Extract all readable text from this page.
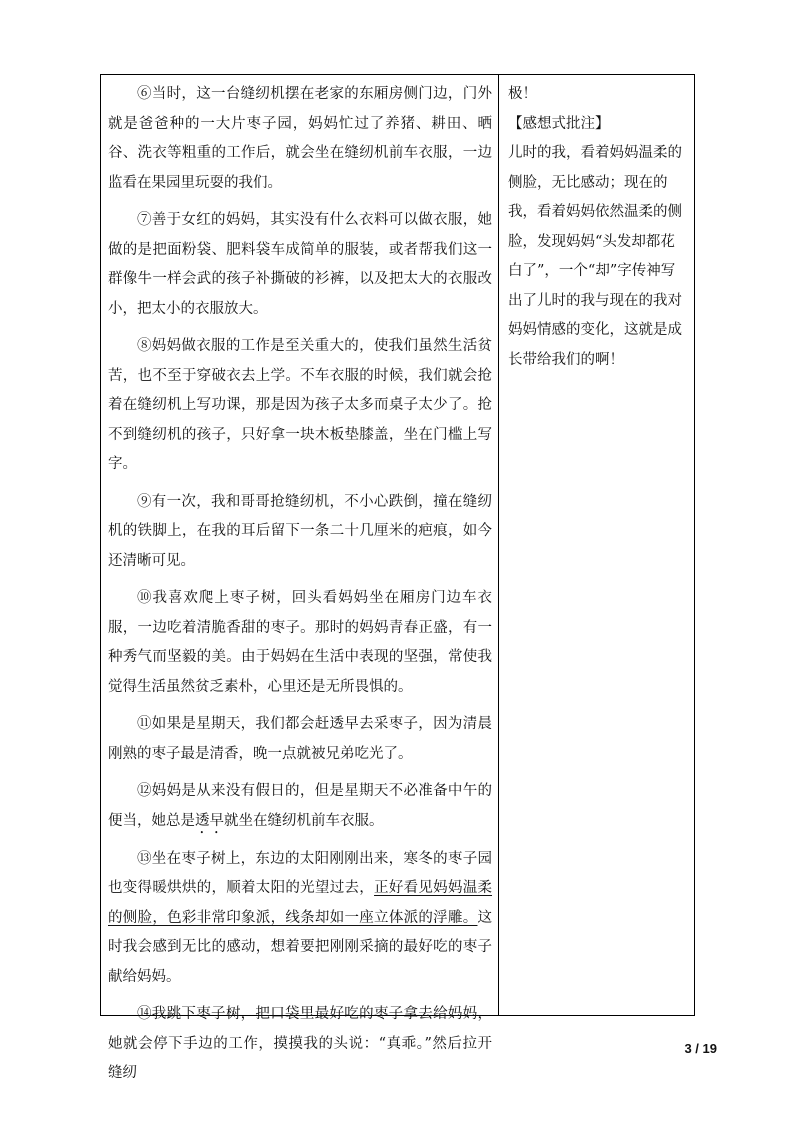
⑥当时，这一台缝纫机摆在老家的东厢房侧门边，门外就是爸爸种的一大片枣子园，妈妈忙过了养猪、耕田、晒谷、洗衣等粗重的工作后，就会坐在缝纫机前车衣服，一边监看在果园里玩耍的我们。

⑦善于女红的妈妈，其实没有什么衣料可以做衣服，她做的是把面粉袋、肥料袋车成简单的服装，或者帮我们这一群像牛一样会武的孩子补撕破的衫裤，以及把太大的衣服改小，把太小的衣服放大。

⑧妈妈做衣服的工作是至关重大的，使我们虽然生活贫苦，也不至于穿破衣去上学。不车衣服的时候，我们就会抢着在缝纫机上写功课，那是因为孩子太多而桌子太少了。抢不到缝纫机的孩子，只好拿一块木板垫膝盖，坐在门槛上写字。

⑨有一次，我和哥哥抢缝纫机，不小心跌倒，撞在缝纫机的铁脚上，在我的耳后留下一条二十几厘米的疤痕，如今还清晰可见。

⑩我喜欢爬上枣子树，回头看妈妈坐在厢房门边车衣服，一边吃着清脆香甜的枣子。那时的妈妈青春正盛，有一种秀气而坚毅的美。由于妈妈在生活中表现的坚强，常使我觉得生活虽然贫乏素朴，心里还是无所畏惧的。

⑪如果是星期天，我们都会赶透早去采枣子，因为清晨刚熟的枣子最是清香，晚一点就被兄弟吃光了。

⑫妈妈是从来没有假日的，但是星期天不必准备中午的便当，她总是透早就坐在缝纫机前车衣服。

⑬坐在枣子树上，东边的太阳刚刚出来，寒冬的枣子园也变得暖烘烘的，顺着太阳的光望过去，正好看见妈妈温柔的侧脸，色彩非常印象派，线条却如一座立体派的浮雕。这时我会感到无比的感动，想着要把刚刚采摘的最好吃的枣子献给妈妈。

⑭我跳下枣子树，把口袋里最好吃的枣子拿去给妈妈，她就会停下手边的工作，摸摸我的头说：“真乖。”然后拉开缝纫

极！

【感想式批注】

儿时的我，看着妈妈温柔的侧脸，无比感动；现在的我，看着妈妈依然温柔的侧脸，发现妈妈“头发却都花白了”，一个“却”字传神写出了儿时的我与现在的我对妈妈情感的变化，这就是成长带给我们的啊！

3 / 19
